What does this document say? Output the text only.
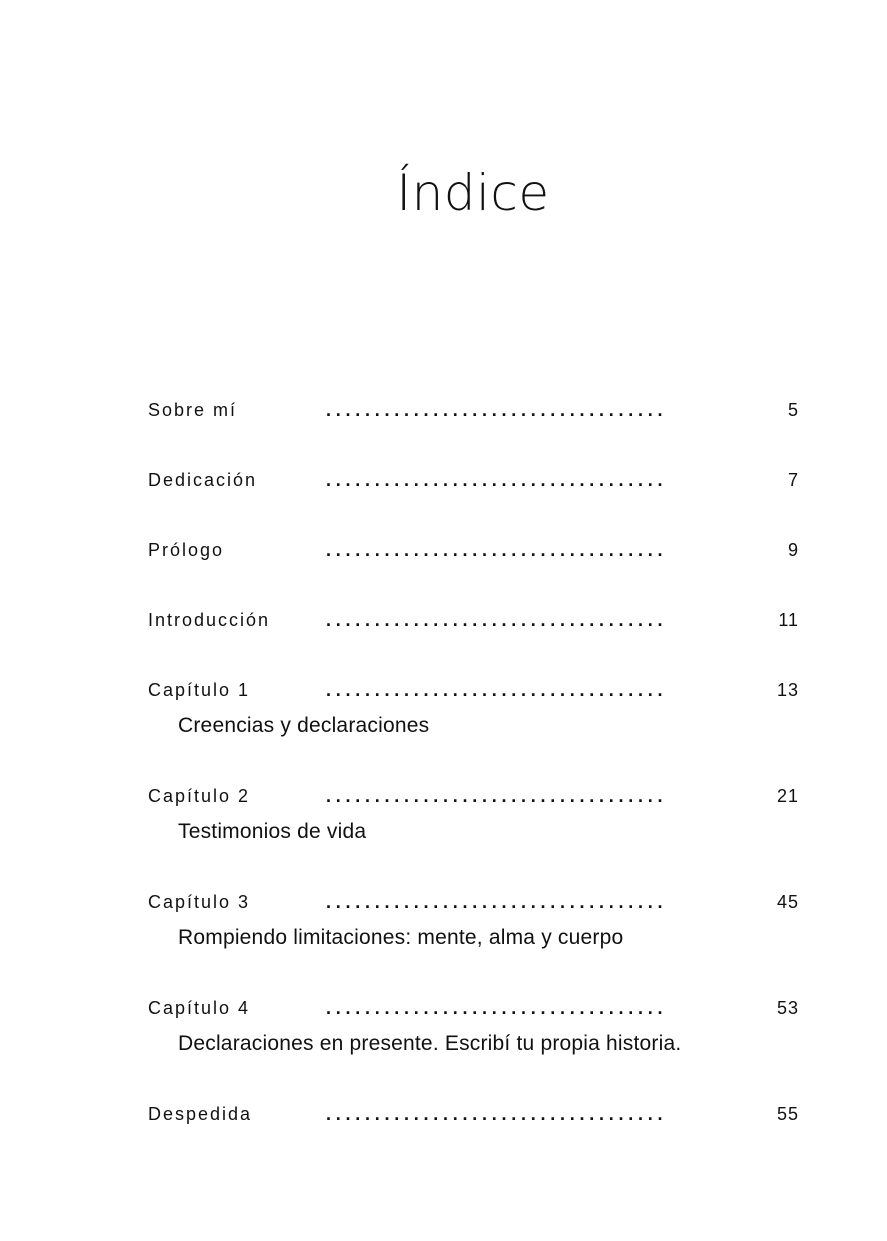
Índice
Sobre mí	...................................	5
Dedicación	...................................	7
Prólogo	...................................	9
Introducción	...................................	11
Capítulo 1	...................................	13
Creencias y declaraciones
Capítulo 2	...................................	21
Testimonios de vida
Capítulo 3	...................................	45
Rompiendo limitaciones: mente, alma y cuerpo
Capítulo 4	...................................	53
Declaraciones en presente. Escribí tu propia historia.
Despedida	...................................	55
